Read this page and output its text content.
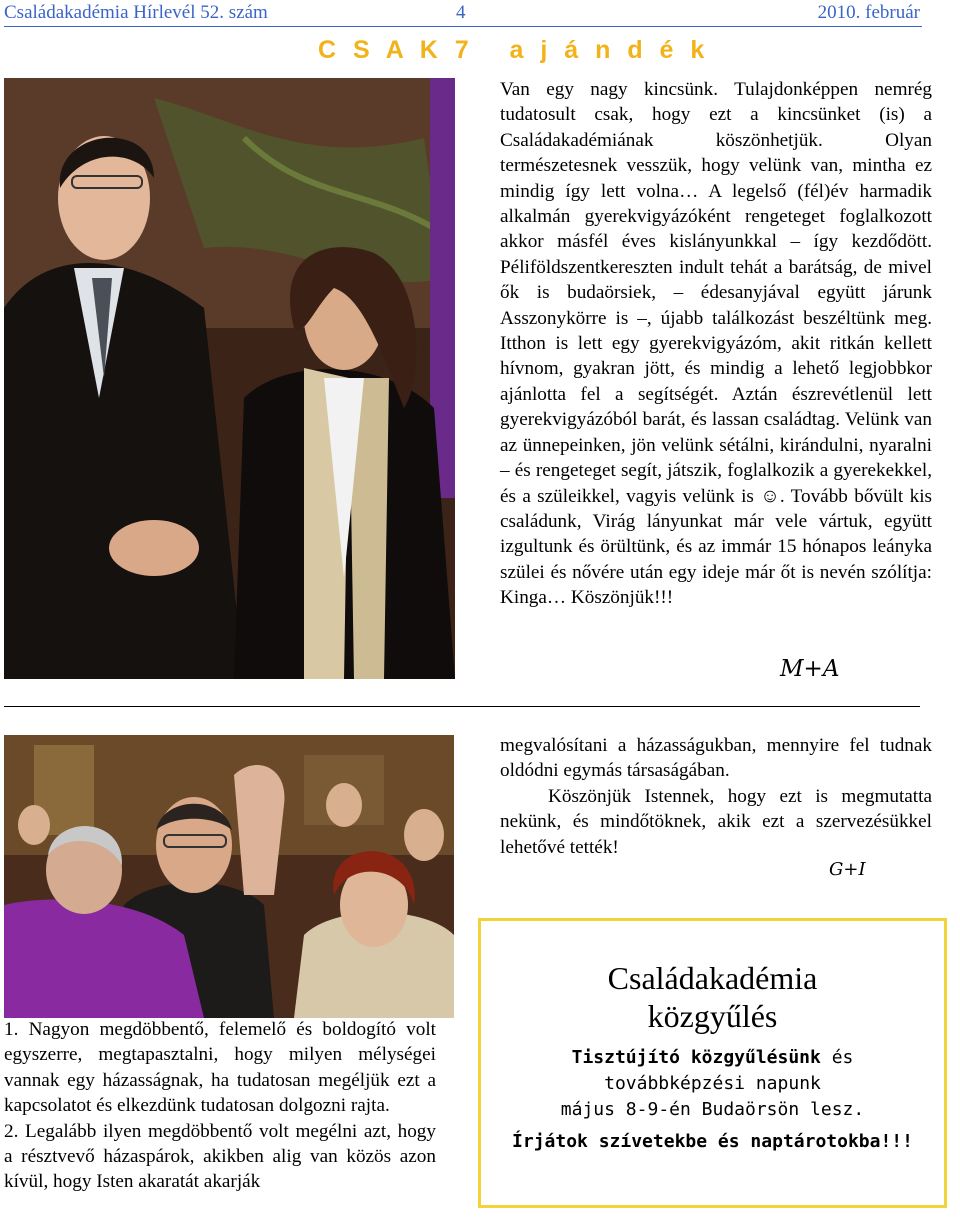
Családakadémia Hírlevél 52. szám	4	2010. február
C S A K 7   a j á n d é k

Van egy nagy kincsünk. Tulajdonképpen nemrég tudatosult csak, hogy ezt a kincsünket (is) a Családakadémiának köszönhetjük. Olyan természetesnek vesszük, hogy velünk van, mintha ez mindig így lett volna… A legelső (fél)év harmadik alkalmán gyerekvigyázóként rengeteget foglalkozott akkor másfél éves kislányunkkal – így kezdődött. Péliföldszentkereszten indult tehát a barátság, de mivel ők is budaörsiek, – édesanyjával együtt járunk Asszonykörre is –, újabb találkozást beszéltünk meg. Itthon is lett egy gyerekvigyázóm, akit ritkán kellett hívnom, gyakran jött, és mindig a lehető legjobbkor ajánlotta fel a segítségét. Aztán észrevétlenül lett gyerekvigyázóból barát, és lassan családtag. Velünk van az ünnepeinken, jön velünk sétálni, kirándulni, nyaralni – és rengeteget segít, játszik, foglalkozik a gyerekekkel, és a szüleikkel, vagyis velünk is ☺. Tovább bővült kis családunk, Virág lányunkat már vele vártuk, együtt izgultunk és örültünk, és az immár 15 hónapos leányka szülei és nővére után egy ideje már őt is nevén szólítja: Kinga… Köszönjük!!!

M+A

megvalósítani a házasságukban, mennyire fel tudnak oldódni egymás társaságában.

Köszönjük Istennek, hogy ezt is megmutatta nekünk, és mindőtöknek, akik ezt a szervezésükkel lehetővé tették!

G+I

1. Nagyon megdöbbentő, felemelő és boldogító volt egyszerre, megtapasztalni, hogy milyen mélységei vannak egy házasságnak, ha tudatosan megéljük ezt a kapcsolatot és elkezdünk tudatosan dolgozni rajta.

2. Legalább ilyen megdöbbentő volt megélni azt, hogy a résztvevő házaspárok, akikben alig van közös azon kívül, hogy Isten akaratát akarják

Családakadémia
közgyűlés
Tisztújító közgyűlésünk és
továbbképzési napunk
május 8-9-én Budaörsön lesz.
Írjátok szívetekbe és naptárotokba!!!
